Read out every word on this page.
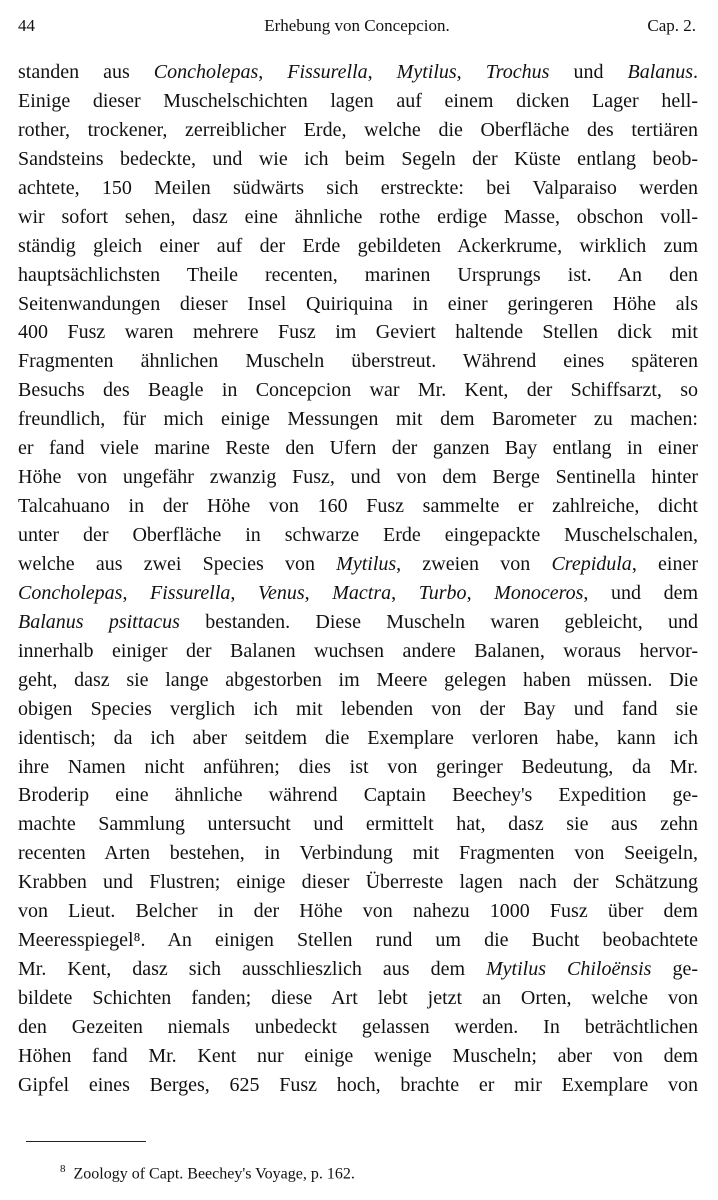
44	Erhebung von Concepcion.	Cap. 2.
standen aus Concholepas, Fissurella, Mytilus, Trochus und Balanus.
Einige dieser Muschelschichten lagen auf einem dicken Lager hell-
rother, trockener, zerreiblicher Erde, welche die Oberfläche des tertiären
Sandsteins bedeckte, und wie ich beim Segeln der Küste entlang beob-
achtete, 150 Meilen südwärts sich erstreckte: bei Valparaiso werden
wir sofort sehen, dasz eine ähnliche rothe erdige Masse, obschon voll-
ständig gleich einer auf der Erde gebildeten Ackerkrume, wirklich zum
hauptsächlichsten Theile recenten, marinen Ursprungs ist. An den
Seitenwandungen dieser Insel Quiriquina in einer geringeren Höhe als
400 Fusz waren mehrere Fusz im Geviert haltende Stellen dick mit
Fragmenten ähnlichen Muscheln überstreut. Während eines späteren
Besuchs des Beagle in Concepcion war Mr. Kent, der Schiffsarzt, so
freundlich, für mich einige Messungen mit dem Barometer zu machen:
er fand viele marine Reste den Ufern der ganzen Bay entlang in einer
Höhe von ungefähr zwanzig Fusz, und von dem Berge Sentinella hinter
Talcahuano in der Höhe von 160 Fusz sammelte er zahlreiche, dicht
unter der Oberfläche in schwarze Erde eingepackte Muschelschalen,
welche aus zwei Species von Mytilus, zweien von Crepidula, einer
Concholepas, Fissurella, Venus, Mactra, Turbo, Monoceros, und dem
Balanus psittacus bestanden. Diese Muscheln waren gebleicht, und
innerhalb einiger der Balanen wuchsen andere Balanen, woraus hervor-
geht, dasz sie lange abgestorben im Meere gelegen haben müssen. Die
obigen Species verglich ich mit lebenden von der Bay und fand sie
identisch; da ich aber seitdem die Exemplare verloren habe, kann ich
ihre Namen nicht anführen; dies ist von geringer Bedeutung, da Mr.
Broderip eine ähnliche während Captain Beechey's Expedition ge-
machte Sammlung untersucht und ermittelt hat, dasz sie aus zehn
recenten Arten bestehen, in Verbindung mit Fragmenten von Seeigeln,
Krabben und Flustren; einige dieser Überreste lagen nach der Schätzung
von Lieut. Belcher in der Höhe von nahezu 1000 Fusz über dem
Meeresspiegel⁸. An einigen Stellen rund um die Bucht beobachtete
Mr. Kent, dasz sich ausschlieszlich aus dem Mytilus Chiloënsis ge-
bildete Schichten fanden; diese Art lebt jetzt an Orten, welche von
den Gezeiten niemals unbedeckt gelassen werden. In beträchtlichen
Höhen fand Mr. Kent nur einige wenige Muscheln; aber von dem
Gipfel eines Berges, 625 Fusz hoch, brachte er mir Exemplare von
$^8$ Zoology of Capt. Beechey's Voyage, p. 162.
